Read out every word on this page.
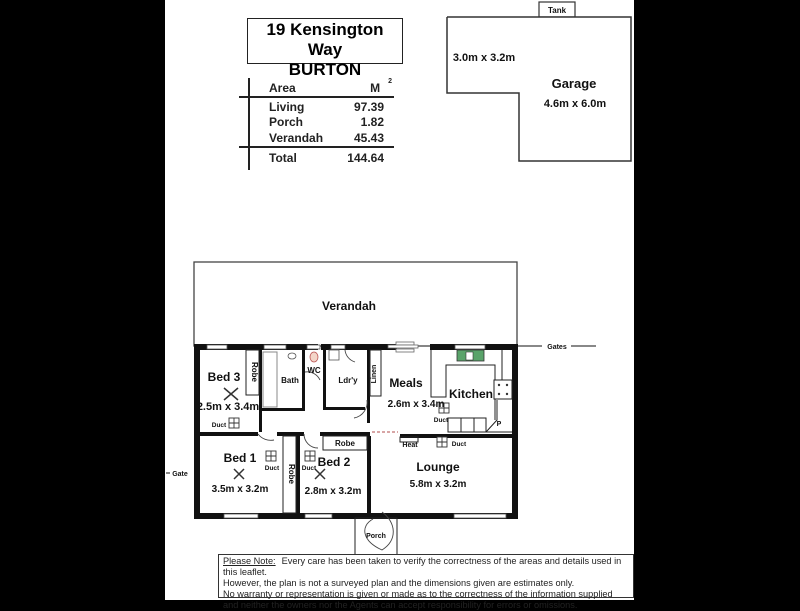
19 Kensington Way
BURTON
Area	M $^2$
Living	97.39
Porch	1.82
Verandah	45.43
Total	144.64
Tank
3.0m x 3.2m
Garage
4.6m x 6.0m
Verandah
Gates
Gate
Bed 3
2.5m x 3.4m
Bed 1
3.5m x 3.2m
Bed 2
2.8m x 3.2m
Meals
2.6m x 3.4m
Kitchen
Lounge
5.8m x 3.2m
Bath
WC
Ldr'y Linen
Robe
Robe
Robe
Porch
P
Duct
Duct	Duct
Duct
Duct
Heat
Please Note: Every care has been taken to verify the correctness of the areas and details used in this leaflet.
However, the plan is not a surveyed plan and the dimensions given are estimates only.
No warranty or representation is given or made as to the correctness of the information supplied
and neither the owners nor the Agents can accept responsibility for errors or omissions.
